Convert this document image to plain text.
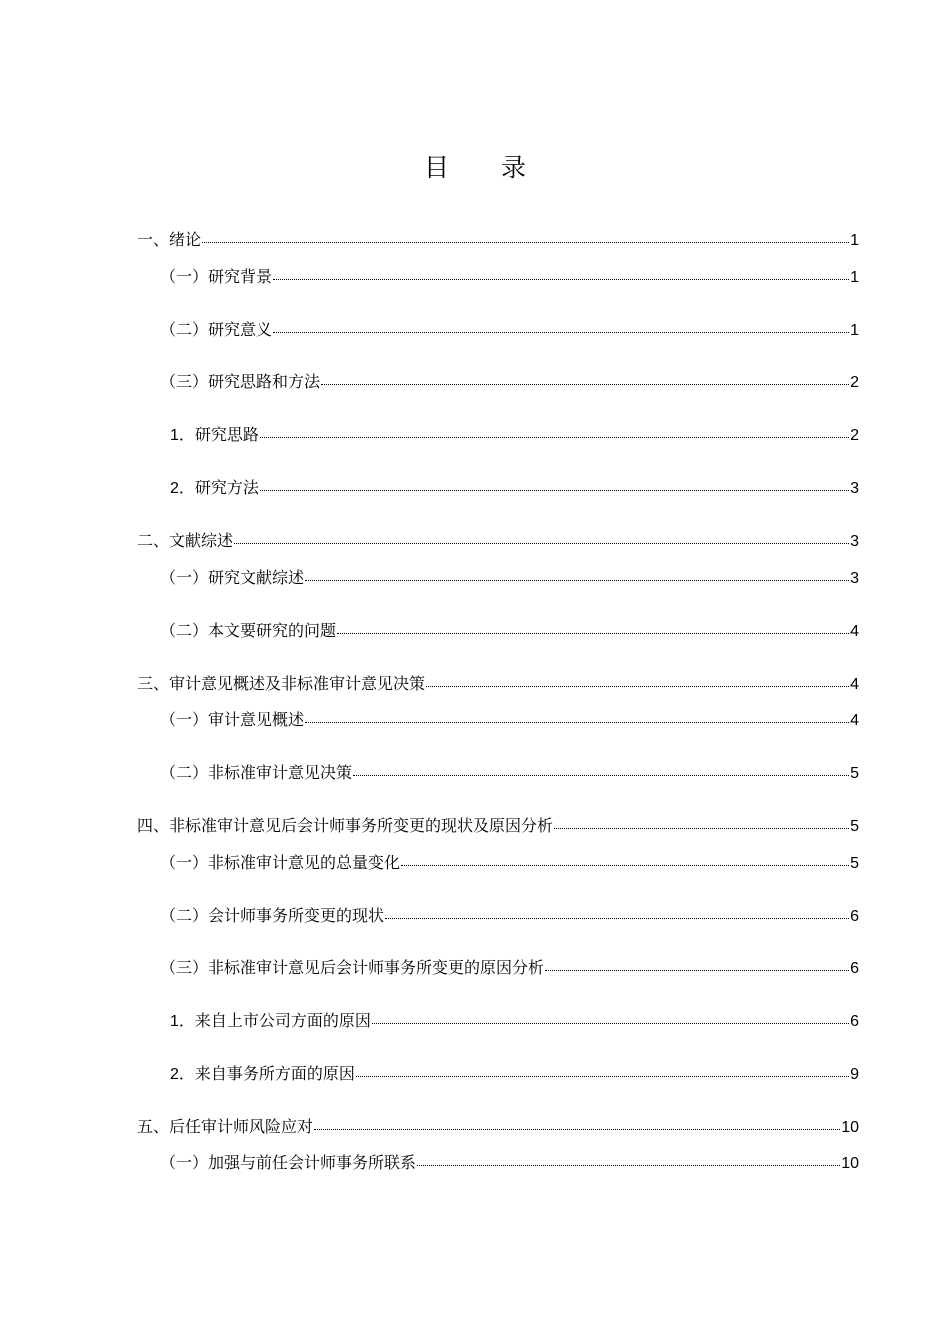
目 录
一、 绪论	1
（一） 研究背景	1
（二） 研究意义	1
（三） 研究思路和方法	2
1． 研究思路	2
2． 研究方法	3
二、 文献综述	3
（一） 研究文献综述	3
（二） 本文要研究的问题	4
三、 审计意见概述及非标准审计意见决策	4
（一） 审计意见概述	4
（二） 非标准审计意见决策	5
四、 非标准审计意见后会计师事务所变更的现状及原因分析	5
（一） 非标准审计意见的总量变化	5
（二） 会计师事务所变更的现状	6
（三） 非标准审计意见后会计师事务所变更的原因分析	6
1． 来自上市公司方面的原因	6
2． 来自事务所方面的原因	9
五、 后任审计师风险应对	10
（一） 加强与前任会计师事务所联系	10
